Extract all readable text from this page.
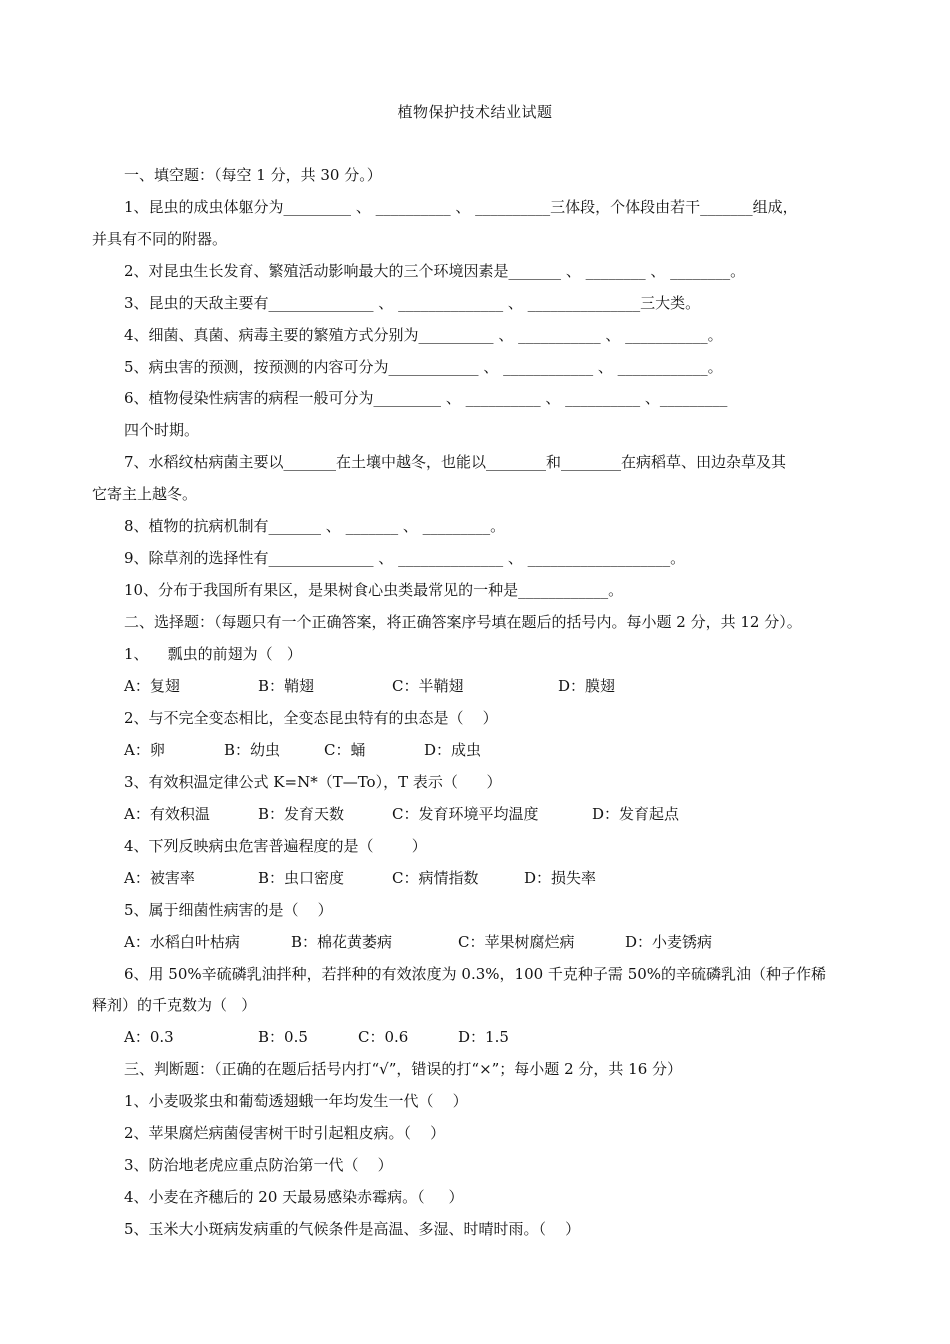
植物保护技术结业试题
一、填空题：（每空 1 分，共 30 分。）
1、昆虫的成虫体躯分为_________ 、 __________ 、 __________三体段，个体段由若干_______组成，
并具有不同的附器。
2、对昆虫生长发育、繁殖活动影响最大的三个环境因素是_______ 、 ________ 、 ________。
3、昆虫的天敌主要有______________ 、 ______________ 、 _______________三大类。
4、细菌、真菌、病毒主要的繁殖方式分别为__________ 、 ___________ 、 ___________。
5、病虫害的预测，按预测的内容可分为____________ 、 ____________ 、 ____________。
6、植物侵染性病害的病程一般可分为_________ 、 __________ 、 __________ 、_________
四个时期。
7、水稻纹枯病菌主要以_______在土壤中越冬，也能以________和________在病稻草、田边杂草及其
它寄主上越冬。
8、植物的抗病机制有_______ 、 _______ 、 _________。
9、除草剂的选择性有______________ 、 ______________ 、 ___________________。
10、分布于我国所有果区，是果树食心虫类最常见的一种是____________。
二、选择题：（每题只有一个正确答案，将正确答案序号填在题后的括号内。每小题 2 分，共 12 分）。
1、    瓢虫的前翅为（   ）
A：复翅	B：鞘翅	C：半鞘翅	D：膜翅
2、与不完全变态相比，全变态昆虫特有的虫态是（    ）
A：卵	B：幼虫	C：蛹	D：成虫
3、有效积温定律公式 K=N*（T—To），T 表示（      ）
A：有效积温	B：发育天数	C：发育环境平均温度	D：发育起点
4、下列反映病虫危害普遍程度的是（        ）
A：被害率	B：虫口密度	C：病情指数	D：损失率
5、属于细菌性病害的是（    ）
A：水稻白叶枯病	B：棉花黄萎病	C：苹果树腐烂病	D：小麦锈病
6、用 50%辛硫磷乳油拌种，若拌种的有效浓度为 0.3%，100 千克种子需 50%的辛硫磷乳油（种子作稀
释剂）的千克数为（   ）
A：0.3	B：0.5	C：0.6	D：1.5
三、判断题：（正确的在题后括号内打“√”，错误的打“×”；每小题 2 分，共 16 分）
1、小麦吸浆虫和葡萄透翅蛾一年均发生一代（    ）
2、苹果腐烂病菌侵害树干时引起粗皮病。（    ）
3、防治地老虎应重点防治第一代（    ）
4、小麦在齐穗后的 20 天最易感染赤霉病。（     ）
5、玉米大小斑病发病重的气候条件是高温、多湿、时晴时雨。（    ）
